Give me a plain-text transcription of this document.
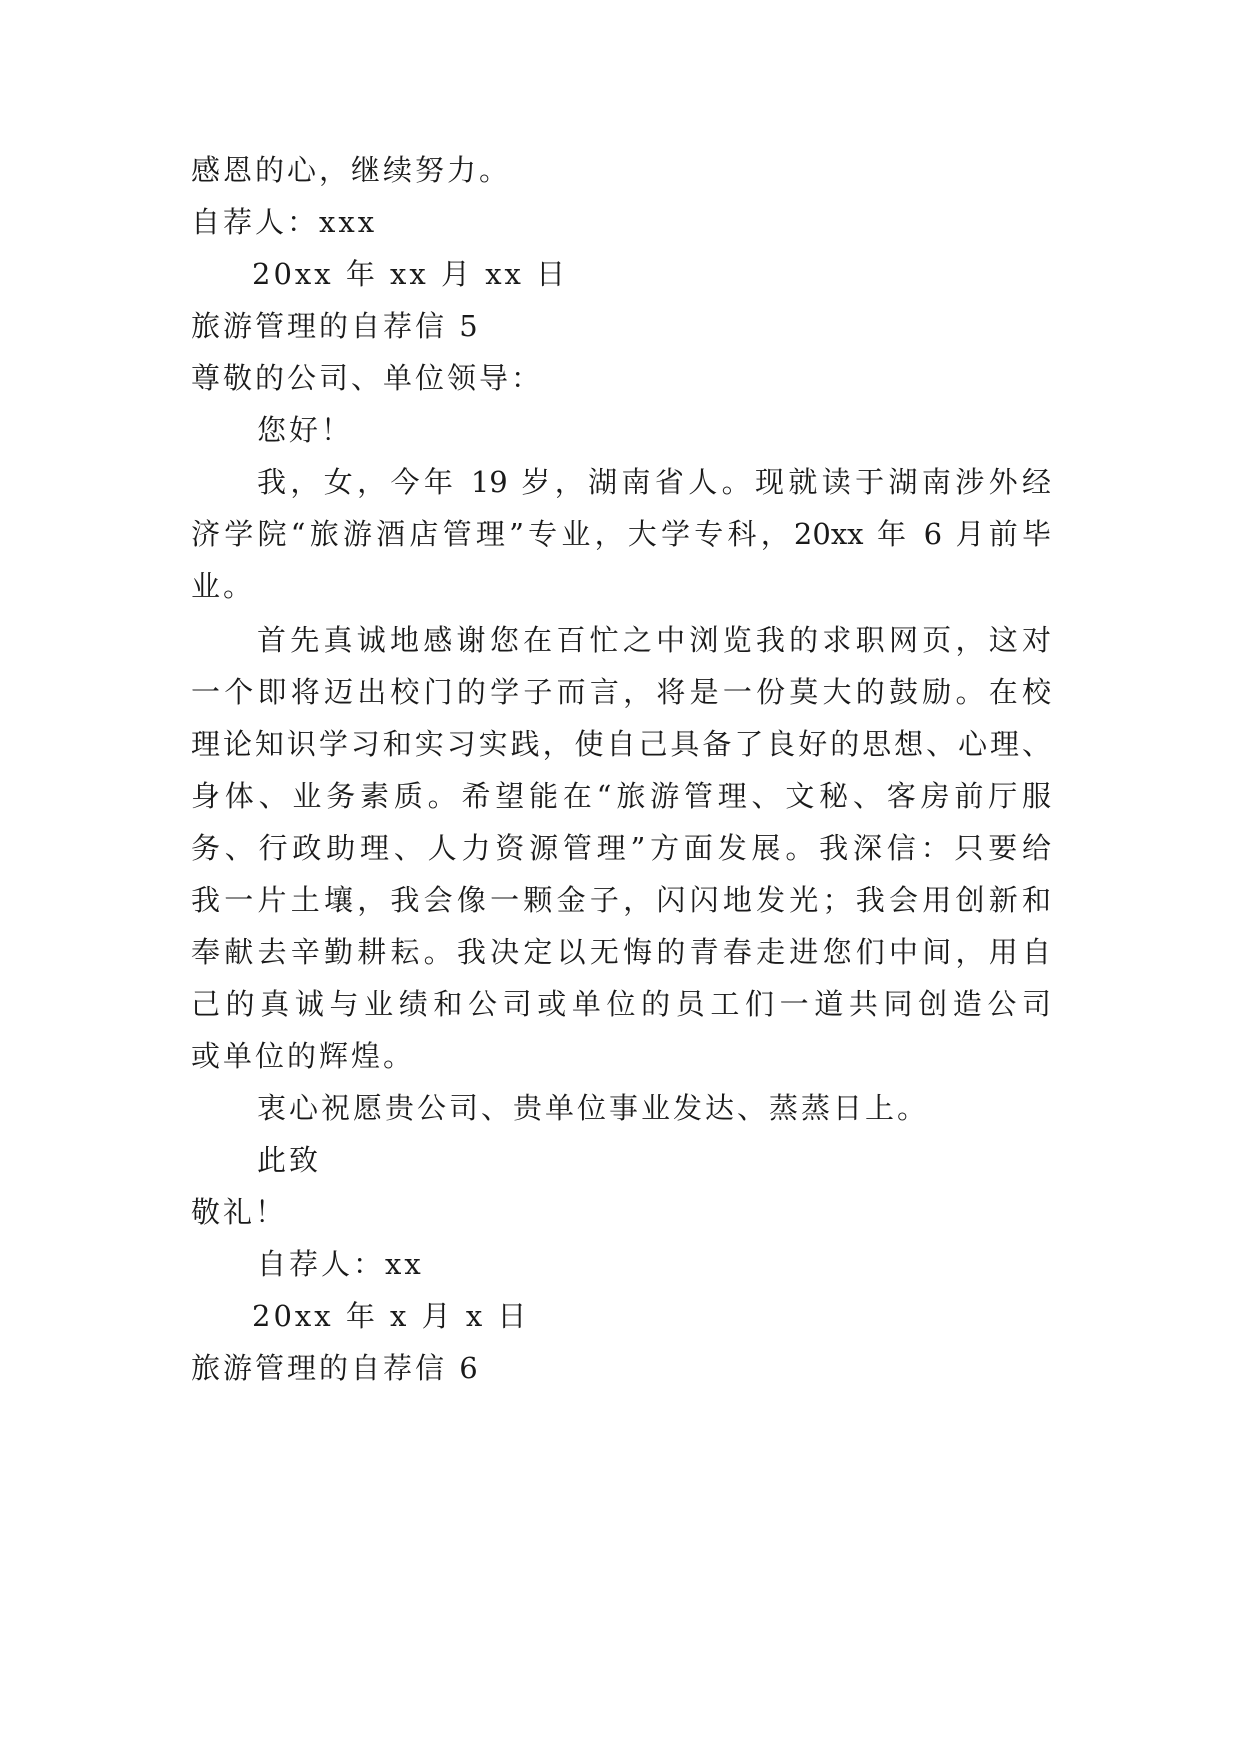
感恩的心，继续努力。
自荐人：xxx
20xx 年 xx 月 xx 日
旅游管理的自荐信 5
尊敬的公司、单位领导：
您好！
我，女，今年 19 岁，湖南省人。现就读于湖南涉外经
济学院“旅游酒店管理”专业，大学专科，20xx 年 6 月前毕
业。
首先真诚地感谢您在百忙之中浏览我的求职网页，这对
一个即将迈出校门的学子而言，将是一份莫大的鼓励。在校
理论知识学习和实习实践，使自己具备了良好的思想、心理、
身体、业务素质。希望能在“旅游管理、文秘、客房前厅服
务、行政助理、人力资源管理”方面发展。我深信：只要给
我一片土壤，我会像一颗金子，闪闪地发光；我会用创新和
奉献去辛勤耕耘。我决定以无悔的青春走进您们中间，用自
己的真诚与业绩和公司或单位的员工们一道共同创造公司
或单位的辉煌。
衷心祝愿贵公司、贵单位事业发达、蒸蒸日上。
此致
敬礼！
自荐人：xx
20xx 年 x 月 x 日
旅游管理的自荐信 6
